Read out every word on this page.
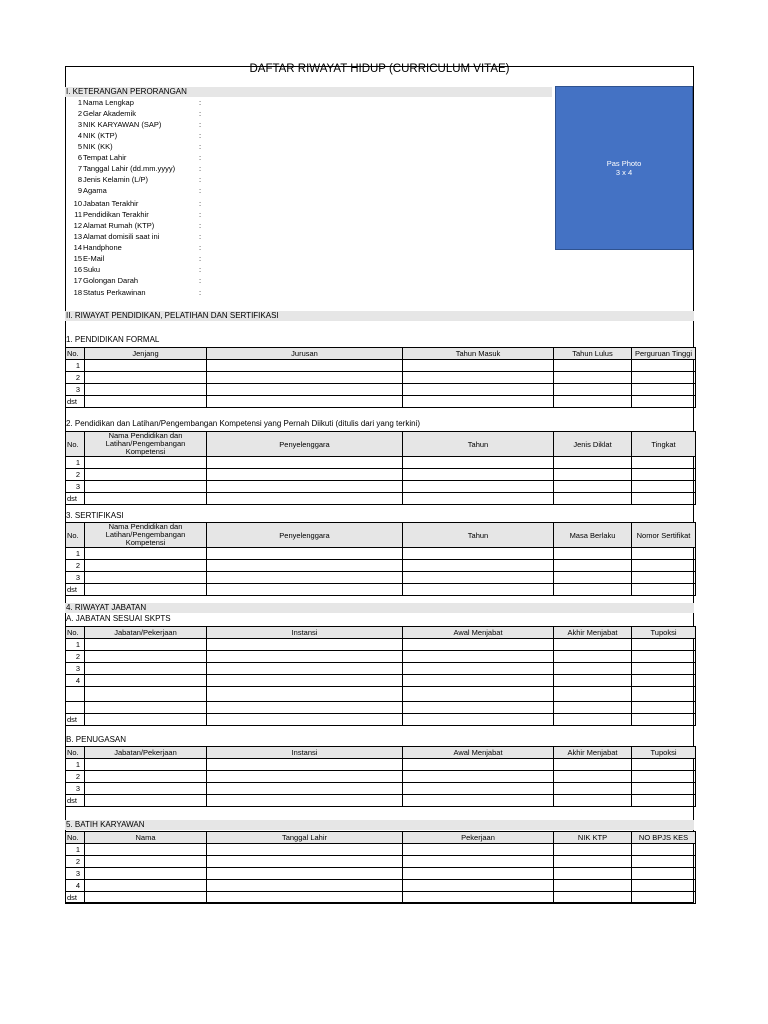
DAFTAR RIWAYAT HIDUP (CURRICULUM VITAE)
I. KETERANGAN PERORANGAN
1 Nama Lengkap	:
2 Gelar Akademik	:
3 NIK KARYAWAN (SAP)	:
4 NIK (KTP)	:
5 NIK (KK)	:
6 Tempat Lahir	:
7 Tanggal Lahir (dd.mm.yyyy)	:
8 Jenis Kelamin (L/P)	:
9 Agama	:
10 Jabatan Terakhir	:
11 Pendidikan Terakhir	:
12 Alamat Rumah (KTP)	:
13 Alamat domisili saat ini	:
14 Handphone	:
15 E-Mail	:
16 Suku	:
17 Golongan Darah	:
18 Status Perkawinan	:
Pas Photo
3 x 4
II. RIWAYAT PENDIDIKAN, PELATIHAN DAN SERTIFIKASI
1. PENDIDIKAN FORMAL
No.	Jenjang	Jurusan	Tahun Masuk	Tahun Lulus	Perguruan Tinggi
1					
2					
3					
dst					
2. Pendidikan dan Latihan/Pengembangan Kompetensi yang Pernah Diikuti (ditulis dari yang terkini)
No.	Nama Pendidikan dan Latihan/Pengembangan Kompetensi	Penyelenggara	Tahun	Jenis Diklat	Tingkat
1					
2					
3					
dst					
3. SERTIFIKASI
No.	Nama Pendidikan dan Latihan/Pengembangan Kompetensi	Penyelenggara	Tahun	Masa Berlaku	Nomor Sertifikat
1					
2					
3					
dst					
4. RIWAYAT JABATAN
A. JABATAN SESUAI SKPTS
No.	Jabatan/Pekerjaan	Instansi	Awal Menjabat	Akhir Menjabat	Tupoksi
1					
2					
3					
4					

dst					
B. PENUGASAN
No.	Jabatan/Pekerjaan	Instansi	Awal Menjabat	Akhir Menjabat	Tupoksi
1					
2					
3					
dst					
5. BATIH KARYAWAN
No.	Nama	Tanggal Lahir	Pekerjaan	NIK KTP	NO BPJS KES
1					
2					
3					
4					
dst					
